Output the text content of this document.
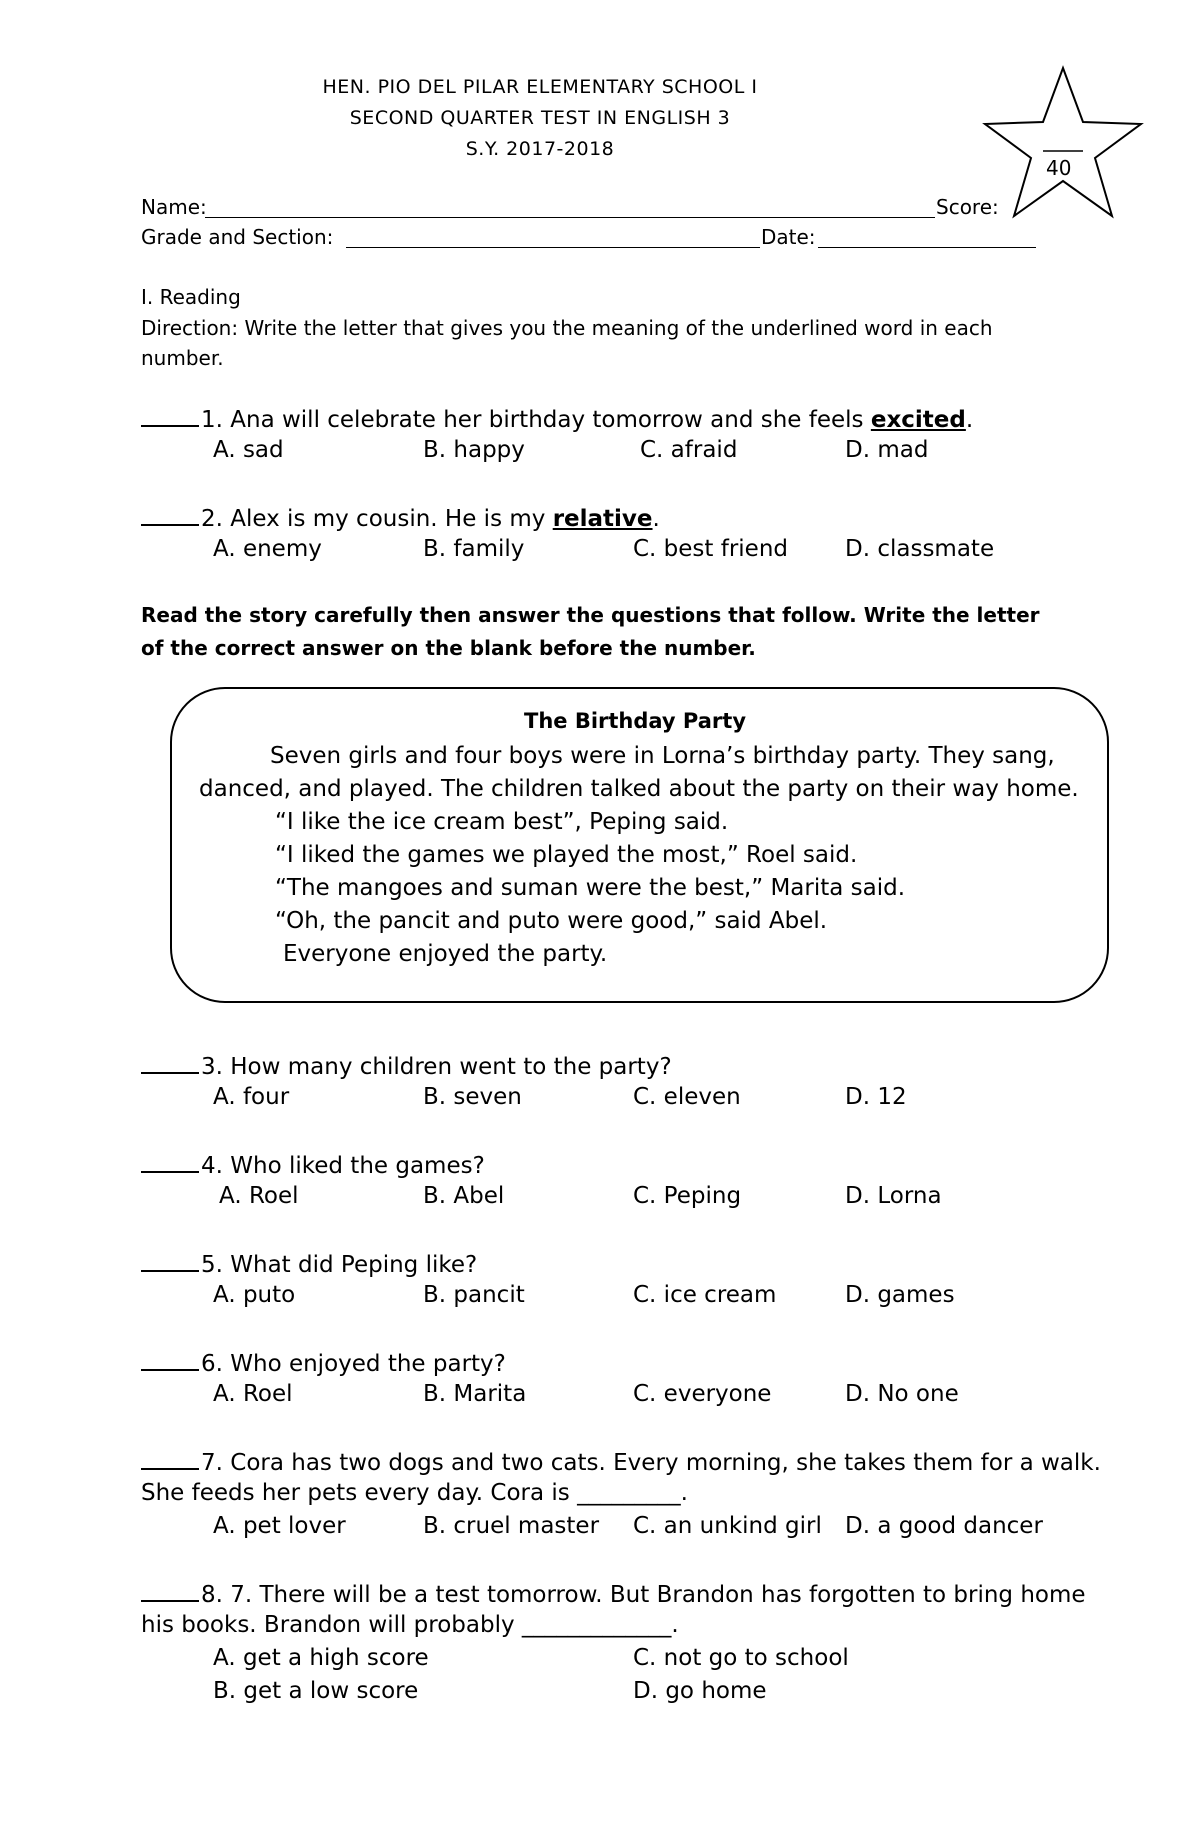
HEN. PIO DEL PILAR ELEMENTARY SCHOOL I
SECOND QUARTER TEST IN ENGLISH 3
S.Y. 2017-2018
40
Name:	Score:
Grade and Section:	Date:
I. Reading
Direction: Write the letter that gives you the meaning of the underlined word in each
number.
1. Ana will celebrate her birthday tomorrow and she feels excited.
A. sad	B. happy	C. afraid	D. mad
2. Alex is my cousin. He is my relative.
A. enemy	B. family	C. best friend D. classmate
Read the story carefully then answer the questions that follow. Write the letter
of the correct answer on the blank before the number.
The Birthday Party
Seven girls and four boys were in Lorna’s birthday party. They sang,
danced, and played. The children talked about the party on their way home.
“I like the ice cream best”, Peping said.
“I liked the games we played the most,” Roel said.
“The mangoes and suman were the best,” Marita said.
“Oh, the pancit and puto were good,” said Abel.
Everyone enjoyed the party.
3. How many children went to the party?
A. four	B. seven	C. eleven	D. 12
4. Who liked the games?
A. Roel	B. Abel	C. Peping	D. Lorna
5. What did Peping like?
A. puto	B. pancit	C. ice cream	D. games
6. Who enjoyed the party?
A. Roel	B. Marita	C. everyone	D. No one
7. Cora has two dogs and two cats. Every morning, she takes them for a walk.
She feeds her pets every day. Cora is _________.
A. pet lover	B. cruel master C. an unkind girl D. a good dancer
8. 7. There will be a test tomorrow. But Brandon has forgotten to bring home
his books. Brandon will probably _____________.
A. get a high score	C. not go to school
B. get a low score	D. go home
